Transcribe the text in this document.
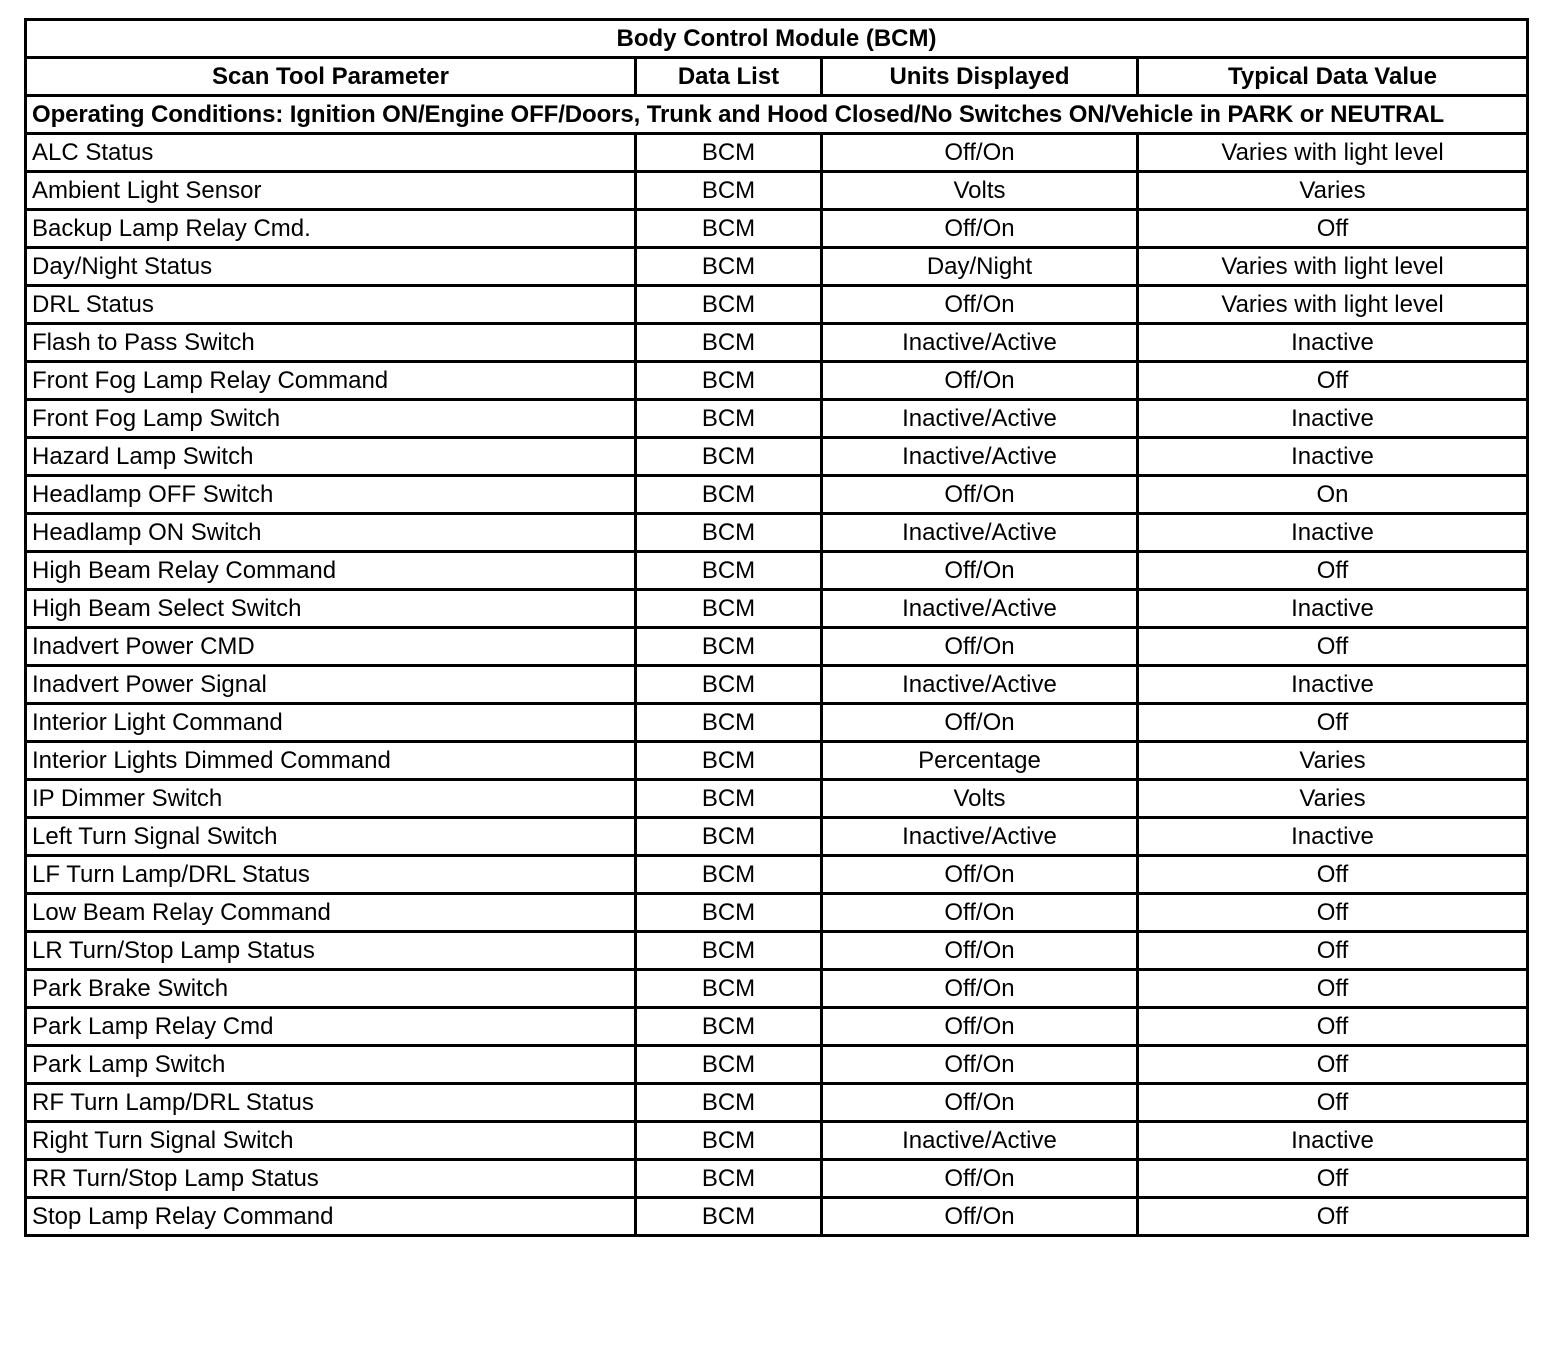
Body Control Module (BCM)			
Scan Tool Parameter	Data List	Units Displayed	Typical Data Value
Operating Conditions: Ignition ON/Engine OFF/Doors, Trunk and Hood Closed/No Switches ON/Vehicle in PARK or NEUTRAL			
ALC Status	BCM	Off/On	Varies with light level
Ambient Light Sensor	BCM	Volts	Varies
Backup Lamp Relay Cmd.	BCM	Off/On	Off
Day/Night Status	BCM	Day/Night	Varies with light level
DRL Status	BCM	Off/On	Varies with light level
Flash to Pass Switch	BCM	Inactive/Active	Inactive
Front Fog Lamp Relay Command	BCM	Off/On	Off
Front Fog Lamp Switch	BCM	Inactive/Active	Inactive
Hazard Lamp Switch	BCM	Inactive/Active	Inactive
Headlamp OFF Switch	BCM	Off/On	On
Headlamp ON Switch	BCM	Inactive/Active	Inactive
High Beam Relay Command	BCM	Off/On	Off
High Beam Select Switch	BCM	Inactive/Active	Inactive
Inadvert Power CMD	BCM	Off/On	Off
Inadvert Power Signal	BCM	Inactive/Active	Inactive
Interior Light Command	BCM	Off/On	Off
Interior Lights Dimmed Command	BCM	Percentage	Varies
IP Dimmer Switch	BCM	Volts	Varies
Left Turn Signal Switch	BCM	Inactive/Active	Inactive
LF Turn Lamp/DRL Status	BCM	Off/On	Off
Low Beam Relay Command	BCM	Off/On	Off
LR Turn/Stop Lamp Status	BCM	Off/On	Off
Park Brake Switch	BCM	Off/On	Off
Park Lamp Relay Cmd	BCM	Off/On	Off
Park Lamp Switch	BCM	Off/On	Off
RF Turn Lamp/DRL Status	BCM	Off/On	Off
Right Turn Signal Switch	BCM	Inactive/Active	Inactive
RR Turn/Stop Lamp Status	BCM	Off/On	Off
Stop Lamp Relay Command	BCM	Off/On	Off
